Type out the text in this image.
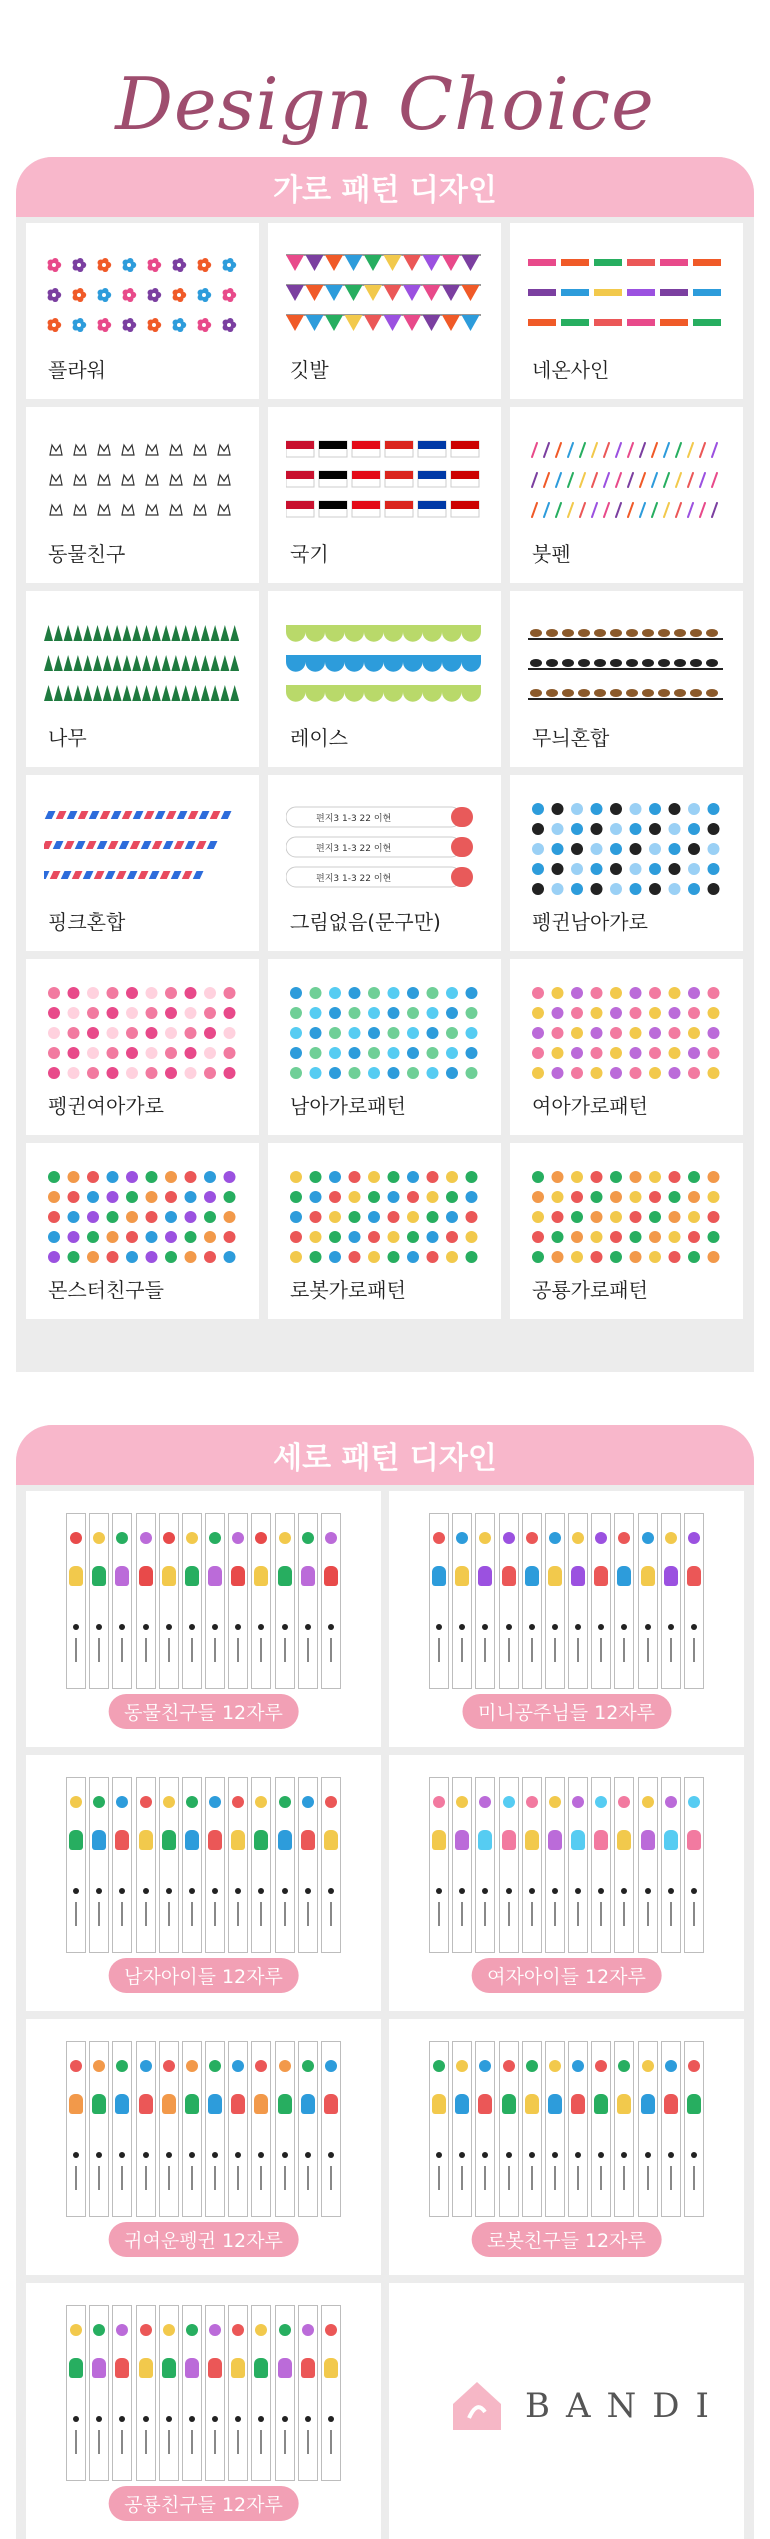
Design Choice
가로 패턴 디자인
플라워	깃발	네온사인
동물친구	국기	붓펜
나무	레이스	무늬혼합
핑크혼합
편지3 1-3 22 이현
편지3 1-3 22 이현
편지3 1-3 22 이현
그림없음(문구만)	펭귄남아가로
펭귄여아가로	남아가로패턴	여아가로패턴
몬스터친구들	로봇가로패턴	공룡가로패턴
세로 패턴 디자인
동물친구들 12자루	미니공주님들 12자루
남자아이들 12자루	여자아이들 12자루
귀여운펭귄 12자루	로봇친구들 12자루
공룡친구들 12자루
BANDI
